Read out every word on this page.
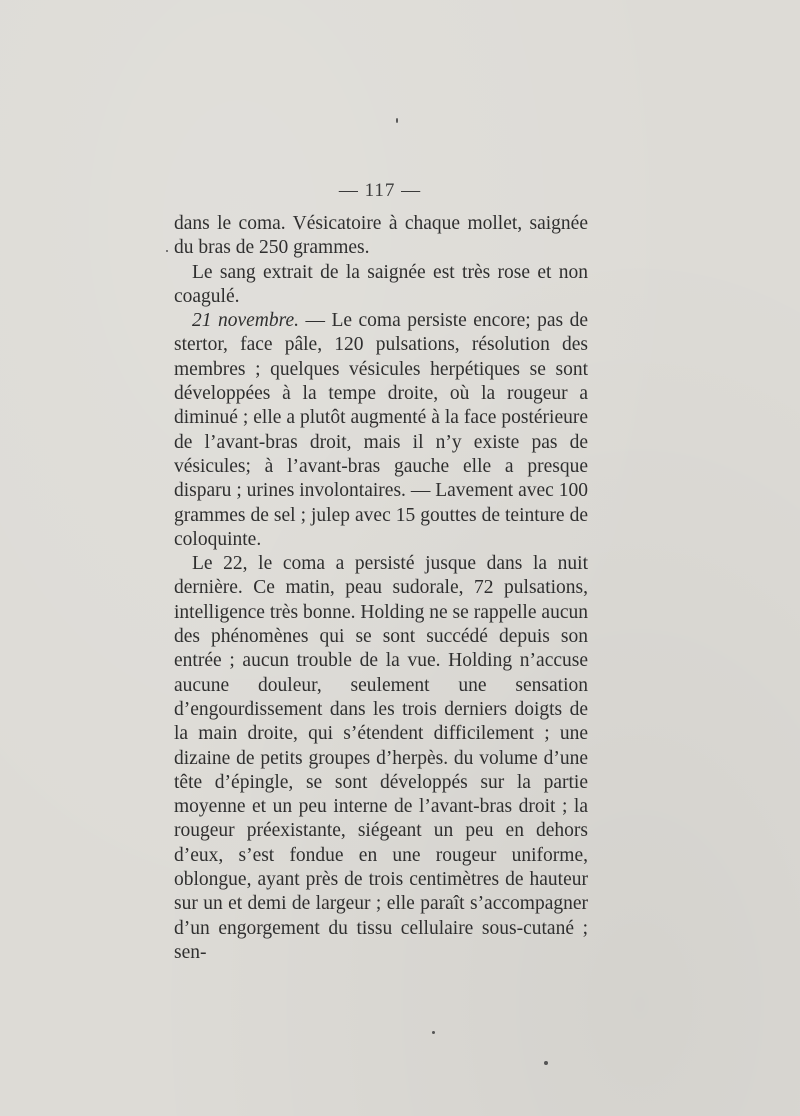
— 117 —

dans le coma. Vésicatoire à chaque mollet, saignée du bras de 250 grammes.

Le sang extrait de la saignée est très rose et non coagulé.

21 novembre. — Le coma persiste encore; pas de stertor, face pâle, 120 pulsations, résolution des membres ; quelques vésicules herpétiques se sont développées à la tempe droite, où la rougeur a diminué ; elle a plutôt augmenté à la face postérieure de l’avant-bras droit, mais il n’y existe pas de vésicules; à l’avant-bras gauche elle a presque disparu ; urines involontaires. — Lavement avec 100 grammes de sel ; julep avec 15 gouttes de teinture de coloquinte.

Le 22, le coma a persisté jusque dans la nuit dernière. Ce matin, peau sudorale, 72 pulsations, intelligence très bonne. Holding ne se rappelle aucun des phénomènes qui se sont succédé depuis son entrée ; aucun trouble de la vue. Holding n’accuse aucune douleur, seulement une sensation d’engourdissement dans les trois derniers doigts de la main droite, qui s’étendent difficilement ; une dizaine de petits groupes d’herpès. du volume d’une tête d’épingle, se sont développés sur la partie moyenne et un peu interne de l’avant-bras droit ; la rougeur préexistante, siégeant un peu en dehors d’eux, s’est fondue en une rougeur uniforme, oblongue, ayant près de trois centimètres de hauteur sur un et demi de largeur ; elle paraît s’accompagner d’un engorgement du tissu cellulaire sous-cutané ; sen-
